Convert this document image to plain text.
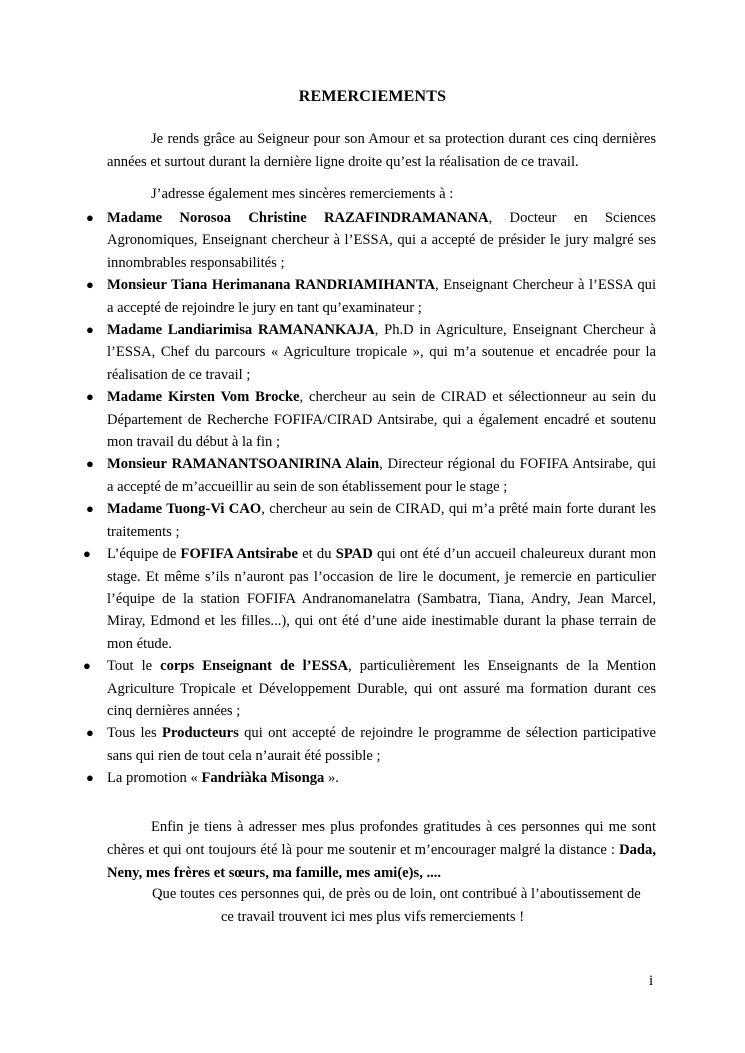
REMERCIEMENTS

Je rends grâce au Seigneur pour son Amour et sa protection durant ces cinq dernières années et surtout durant la dernière ligne droite qu’est la réalisation de ce travail.

J’adresse également mes sincères remerciements à :

● Madame Norosoa Christine RAZAFINDRAMANANA, Docteur en Sciences Agronomiques, Enseignant chercheur à l’ESSA, qui a accepté de présider le jury malgré ses innombrables responsabilités ;
● Monsieur Tiana Herimanana RANDRIAMIHANTA, Enseignant Chercheur à l’ESSA qui a accepté de rejoindre le jury en tant qu’examinateur ;
● Madame Landiarimisa RAMANANKAJA, Ph.D in Agriculture, Enseignant Chercheur à l’ESSA, Chef du parcours « Agriculture tropicale », qui m’a soutenue et encadrée pour la réalisation de ce travail ;
● Madame Kirsten Vom Brocke, chercheur au sein de CIRAD et sélectionneur au sein du Département de Recherche FOFIFA/CIRAD Antsirabe, qui a également encadré et soutenu mon travail du début à la fin ;
● Monsieur RAMANANTSOANIRINA Alain, Directeur régional du FOFIFA Antsirabe, qui a accepté de m’accueillir au sein de son établissement pour le stage ;
● Madame Tuong-Vi CAO, chercheur au sein de CIRAD, qui m’a prêté main forte durant les traitements ;
● L’équipe de FOFIFA Antsirabe et du SPAD qui ont été d’un accueil chaleureux durant mon stage. Et même s’ils n’auront pas l’occasion de lire le document, je remercie en particulier l’équipe de la station FOFIFA Andranomanelatra (Sambatra, Tiana, Andry, Jean Marcel, Miray, Edmond et les filles...), qui ont été d’une aide inestimable durant la phase terrain de mon étude.
● Tout le corps Enseignant de l’ESSA, particulièrement les Enseignants de la Mention Agriculture Tropicale et Développement Durable, qui ont assuré ma formation durant ces cinq dernières années ;
● Tous les Producteurs qui ont accepté de rejoindre le programme de sélection participative sans qui rien de tout cela n’aurait été possible ;
● La promotion « Fandriàka Misonga ».

Enfin je tiens à adresser mes plus profondes gratitudes à ces personnes qui me sont chères et qui ont toujours été là pour me soutenir et m’encourager malgré la distance : Dada, Neny, mes frères et sœurs, ma famille, mes ami(e)s, ....

Que toutes ces personnes qui, de près ou de loin, ont contribué à l’aboutissement de
ce travail trouvent ici mes plus vifs remerciements !
i
